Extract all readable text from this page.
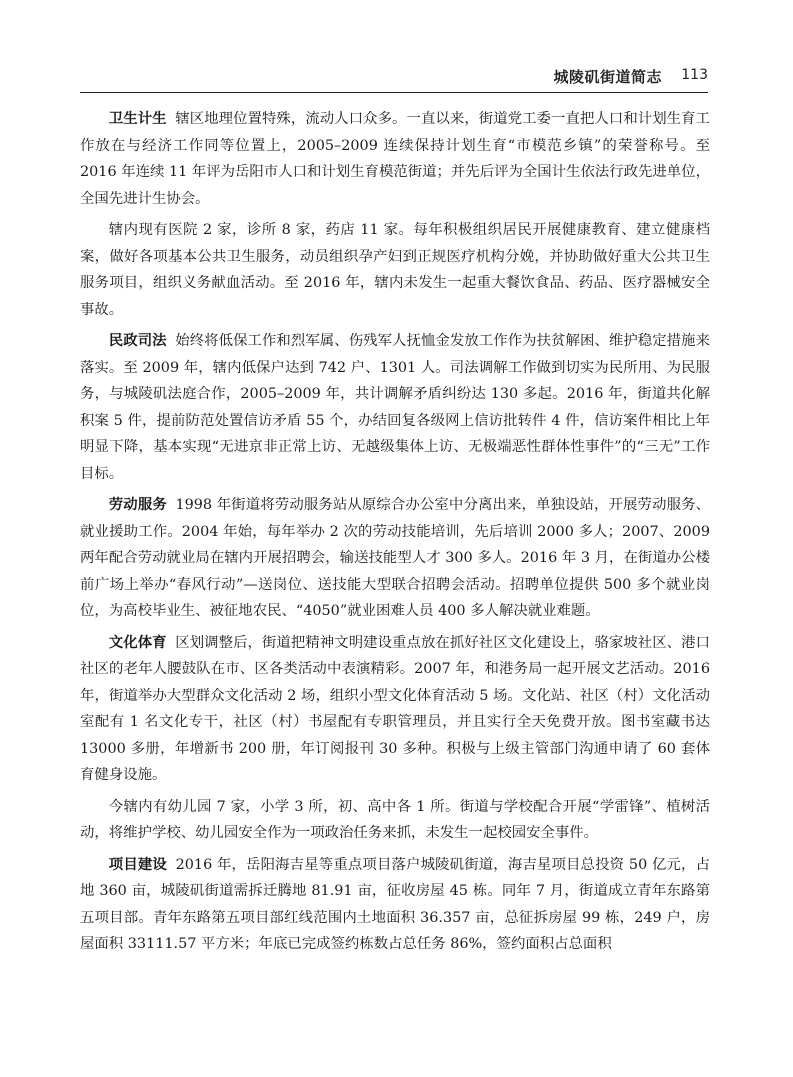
城陵矶街道简志 113

卫生计生 辖区地理位置特殊，流动人口众多。一直以来，街道党工委一直把人口和计划生育工作放在与经济工作同等位置上，2005–2009 连续保持计划生育“市模范乡镇”的荣誉称号。至 2016 年连续 11 年评为岳阳市人口和计划生育模范街道；并先后评为全国计生依法行政先进单位，全国先进计生协会。

辖内现有医院 2 家，诊所 8 家，药店 11 家。每年积极组织居民开展健康教育、建立健康档案，做好各项基本公共卫生服务，动员组织孕产妇到正规医疗机构分娩，并协助做好重大公共卫生服务项目，组织义务献血活动。至 2016 年，辖内未发生一起重大餐饮食品、药品、医疗器械安全事故。

民政司法 始终将低保工作和烈军属、伤残军人抚恤金发放工作作为扶贫解困、维护稳定措施来落实。至 2009 年，辖内低保户达到 742 户、1301 人。司法调解工作做到切实为民所用、为民服务，与城陵矶法庭合作，2005–2009 年，共计调解矛盾纠纷达 130 多起。2016 年，街道共化解积案 5 件，提前防范处置信访矛盾 55 个，办结回复各级网上信访批转件 4 件，信访案件相比上年明显下降，基本实现“无进京非正常上访、无越级集体上访、无极端恶性群体性事件”的“三无”工作目标。

劳动服务 1998 年街道将劳动服务站从原综合办公室中分离出来，单独设站，开展劳动服务、就业援助工作。2004 年始，每年举办 2 次的劳动技能培训，先后培训 2000 多人；2007、2009 两年配合劳动就业局在辖内开展招聘会，输送技能型人才 300 多人。2016 年 3 月，在街道办公楼前广场上举办“春风行动”—送岗位、送技能大型联合招聘会活动。招聘单位提供 500 多个就业岗位，为高校毕业生、被征地农民、“4050”就业困难人员 400 多人解决就业难题。

文化体育 区划调整后，街道把精神文明建设重点放在抓好社区文化建设上，骆家坡社区、港口社区的老年人腰鼓队在市、区各类活动中表演精彩。2007 年，和港务局一起开展文艺活动。2016 年，街道举办大型群众文化活动 2 场，组织小型文化体育活动 5 场。文化站、社区（村）文化活动室配有 1 名文化专干，社区（村）书屋配有专职管理员，并且实行全天免费开放。图书室藏书达 13000 多册，年增新书 200 册，年订阅报刊 30 多种。积极与上级主管部门沟通申请了 60 套体育健身设施。

今辖内有幼儿园 7 家，小学 3 所，初、高中各 1 所。街道与学校配合开展“学雷锋”、植树活动，将维护学校、幼儿园安全作为一项政治任务来抓，未发生一起校园安全事件。

项目建设 2016 年，岳阳海吉星等重点项目落户城陵矶街道，海吉星项目总投资 50 亿元，占地 360 亩，城陵矶街道需拆迁腾地 81.91 亩，征收房屋 45 栋。同年 7 月，街道成立青年东路第五项目部。青年东路第五项目部红线范围内土地面积 36.357 亩，总征拆房屋 99 栋，249 户，房屋面积 33111.57 平方米；年底已完成签约栋数占总任务 86%，签约面积占总面积
